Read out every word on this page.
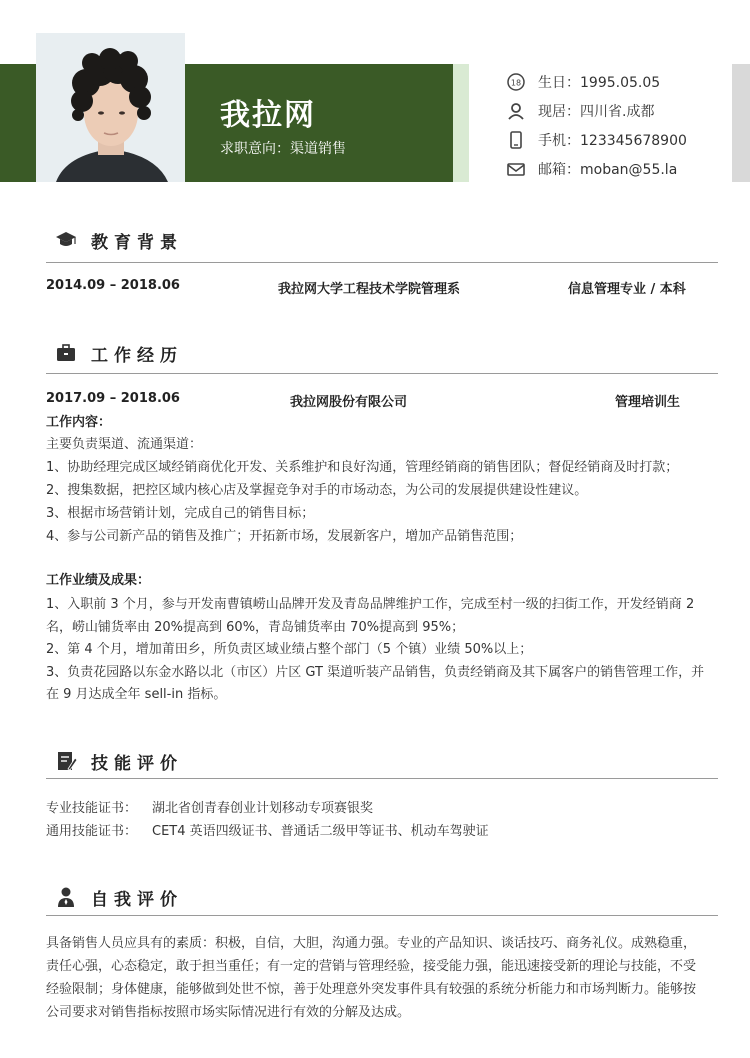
我拉网
求职意向：渠道销售
18 生日：1995.05.05
现居：四川省.成都
手机：123345678900
邮箱：moban@55.la
教育背景
2014.09 – 2018.06	我拉网大学工程技术学院管理系	信息管理专业 / 本科
工作经历
2017.09 – 2018.06	我拉网股份有限公司	管理培训生
工作内容：
主要负责渠道、流通渠道：
1、协助经理完成区域经销商优化开发、关系维护和良好沟通，管理经销商的销售团队；督促经销商及时打款；
2、搜集数据，把控区域内核心店及掌握竞争对手的市场动态，为公司的发展提供建设性建议。
3、根据市场营销计划，完成自己的销售目标；
4、参与公司新产品的销售及推广；开拓新市场，发展新客户，增加产品销售范围；
工作业绩及成果：
1、入职前 3 个月，参与开发南曹镇崂山品牌开发及青岛品牌维护工作，完成至村一级的扫街工作，开发经销商 2
名，崂山铺货率由 20%提高到 60%，青岛铺货率由 70%提高到 95%；
2、第 4 个月，增加莆田乡，所负责区域业绩占整个部门（5 个镇）业绩 50%以上；
3、负责花园路以东金水路以北（市区）片区 GT 渠道听装产品销售，负责经销商及其下属客户的销售管理工作，并
在 9 月达成全年 sell-in 指标。
技能评价
专业技能证书： 湖北省创青春创业计划移动专项赛银奖
通用技能证书： CET4 英语四级证书、普通话二级甲等证书、机动车驾驶证
自我评价
具备销售人员应具有的素质：积极，自信，大胆，沟通力强。专业的产品知识、谈话技巧、商务礼仪。成熟稳重，
责任心强，心态稳定，敢于担当重任；有一定的营销与管理经验，接受能力强，能迅速接受新的理论与技能，不受
经验限制；身体健康，能够做到处世不惊，善于处理意外突发事件具有较强的系统分析能力和市场判断力。能够按
公司要求对销售指标按照市场实际情况进行有效的分解及达成。
